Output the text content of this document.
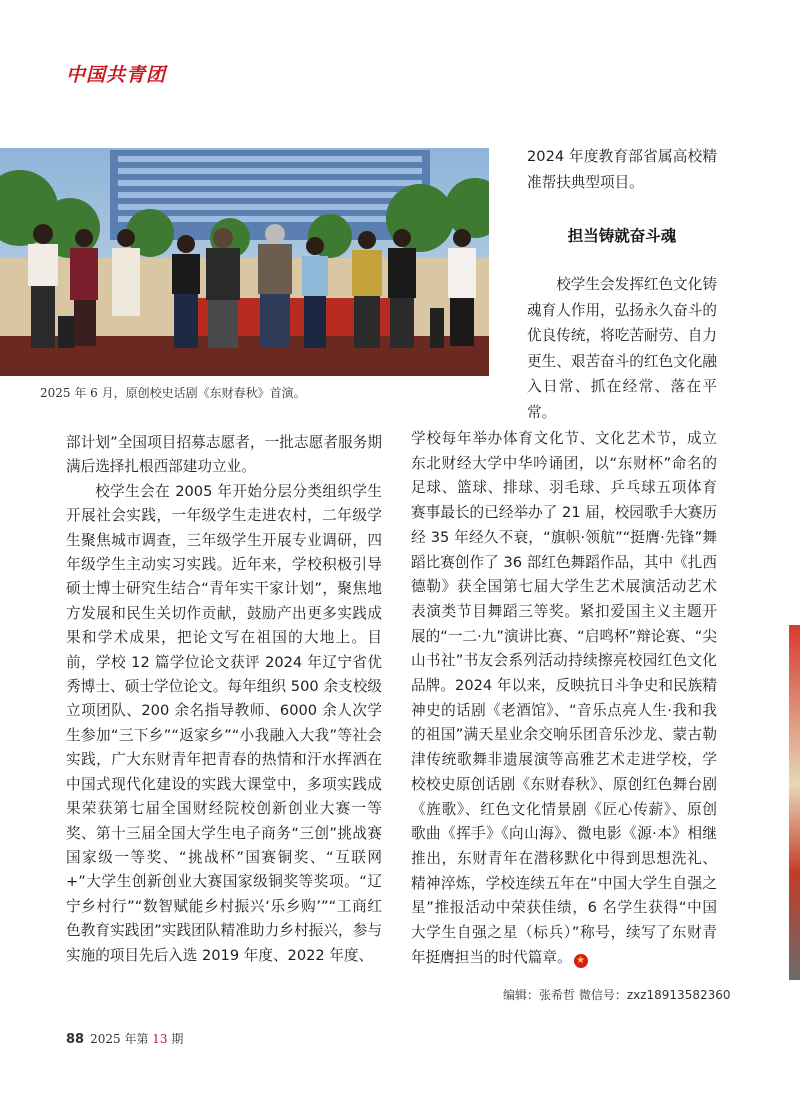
中国共青团
2025 年 6 月，原创校史话剧《东财春秋》首演。

部计划”全国项目招募志愿者，一批志愿者服务期满后选择扎根西部建功立业。

校学生会在 2005 年开始分层分类组织学生开展社会实践，一年级学生走进农村，二年级学生聚焦城市调查，三年级学生开展专业调研，四年级学生主动实习实践。近年来，学校积极引导硕士博士研究生结合“青年实干家计划”，聚焦地方发展和民生关切作贡献，鼓励产出更多实践成果和学术成果，把论文写在祖国的大地上。目前，学校 12 篇学位论文获评 2024 年辽宁省优秀博士、硕士学位论文。每年组织 500 余支校级立项团队、200 余名指导教师、6000 余人次学生参加“三下乡”“返家乡”“小我融入大我”等社会实践，广大东财青年把青春的热情和汗水挥洒在中国式现代化建设的实践大课堂中，多项实践成果荣获第七届全国财经院校创新创业大赛一等奖、第十三届全国大学生电子商务“三创”挑战赛国家级一等奖、“挑战杯”国赛铜奖、“互联网 +”大学生创新创业大赛国家级铜奖等奖项。“辽宁乡村行”“数智赋能乡村振兴‘乐乡购’”“工商红色教育实践团”实践团队精准助力乡村振兴，参与实施的项目先后入选 2019 年度、2022 年度、

2024 年度教育部省属高校精准帮扶典型项目。

担当铸就奋斗魂

校学生会发挥红色文化铸魂育人作用，弘扬永久奋斗的优良传统，将吃苦耐劳、自力更生、艰苦奋斗的红色文化融入日常、抓在经常、落在平常。

学校每年举办体育文化节、文化艺术节，成立东北财经大学中华吟诵团，以“东财杯”命名的足球、篮球、排球、羽毛球、乒乓球五项体育赛事最长的已经举办了 21 届，校园歌手大赛历经 35 年经久不衰，“旗帜·领航”“挺膺·先锋”舞蹈比赛创作了 36 部红色舞蹈作品，其中《扎西德勒》获全国第七届大学生艺术展演活动艺术表演类节目舞蹈三等奖。紧扣爱国主义主题开展的“一二·九”演讲比赛、“启鸣杯”辩论赛、“尖山书社”书友会系列活动持续擦亮校园红色文化品牌。2024 年以来，反映抗日斗争史和民族精神史的话剧《老酒馆》、“音乐点亮人生·我和我的祖国”满天星业余交响乐团音乐沙龙、蒙古勒津传统歌舞非遗展演等高雅艺术走进学校，学校校史原创话剧《东财春秋》、原创红色舞台剧《旌歌》、红色文化情景剧《匠心传薪》、原创歌曲《挥手》《向山海》、微电影《源·本》相继推出，东财青年在潜移默化中得到思想洗礼、精神淬炼，学校连续五年在“中国大学生自强之星”推报活动中荣获佳绩，6 名学生获得“中国大学生自强之星（标兵）”称号，续写了东财青年挺膺担当的时代篇章。 ★

编辑：张希哲 微信号：zxz18913582360
88 2025 年第 13 期
